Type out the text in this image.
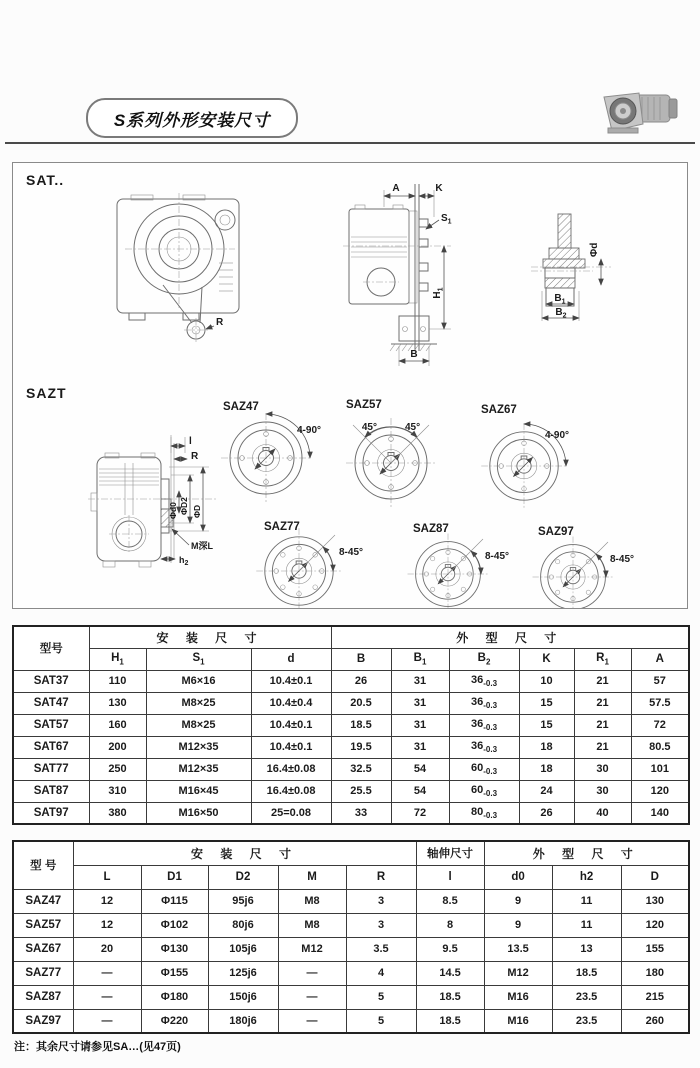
S系列外形安装尺寸
SAT..
SAZT
R
A	K
$S_1$
$H_1$
B
Φd
$B_1$
$B_2$
l
R
ΦD
ΦD2
Φd0
M深L
$h_2$
SAZ47
4-90°
SAZ57
45°	45°
SAZ67
4-90°
SAZ77
8-45°
SAZ87
8-45°
SAZ97
8-45°
型号	安 装 尺 寸			外 型 尺 寸					
	$H_1$	$S_1$	d	B	$B_1$	$B_2$	K	$R_1$	A
SAT37	110	M6×16	10.4±0.1	26	31	$36_{-0.3}$	10	21	57
SAT47	130	M8×25	10.4±0.4	20.5	31	$36_{-0.3}$	15	21	57.5
SAT57	160	M8×25	10.4±0.1	18.5	31	$36_{-0.3}$	15	21	72
SAT67	200	M12×35	10.4±0.1	19.5	31	$36_{-0.3}$	18	21	80.5
SAT77	250	M12×35	16.4±0.08	32.5	54	$60_{-0.3}$	18	30	101
SAT87	310	M16×45	16.4±0.08	25.5	54	$60_{-0.3}$	24	30	120
SAT97	380	M16×50	25=0.08	33	72	$80_{-0.3}$	26	40	140
型 号	安 装 尺 寸					轴伸尺寸	外 型 尺 寸		
	L	D1	D2	M	R	l	d0	h2	D
SAZ47	12	Φ115	95j6	M8	3	8.5	9	11	130
SAZ57	12	Φ102	80j6	M8	3	8	9	11	120
SAZ67	20	Φ130	105j6	M12	3.5	9.5	13.5	13	155
SAZ77	—	Φ155	125j6	—	4	14.5	M12	18.5	180
SAZ87	—	Φ180	150j6	—	5	18.5	M16	23.5	215
SAZ97	—	Φ220	180j6	—	5	18.5	M16	23.5	260
注：其余尺寸请参见SA…(见47页)
